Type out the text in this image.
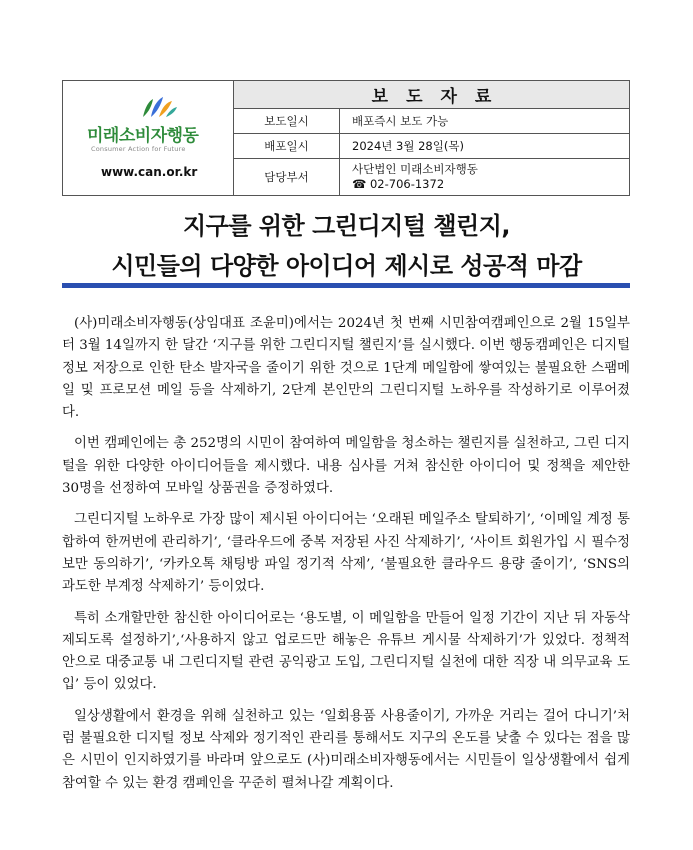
미래소비자행동
Consumer Action for Future
www.can.or.kr
보도자료
보도일시	배포즉시 보도 가능
배포일시	2024년 3월 28일(목)
담당부서
사단법인 미래소비자행동
☎ 02-706-1372
지구를 위한 그린디지털 챌린지,
시민들의 다양한 아이디어 제시로 성공적 마감

(사)미래소비자행동(상임대표 조윤미)에서는 2024년 첫 번째 시민참여캠페인으로 2월 15일부터 3월 14일까지 한 달간 ‘지구를 위한 그린디지털 챌린지’를 실시했다. 이번 행동캠페인은 디지털 정보 저장으로 인한 탄소 발자국을 줄이기 위한 것으로 1단계 메일함에 쌓여있는 불필요한 스팸메일 및 프로모션 메일 등을 삭제하기, 2단계 본인만의 그린디지털 노하우를 작성하기로 이루어졌다.

이번 캠페인에는 총 252명의 시민이 참여하여 메일함을 청소하는 챌린지를 실천하고, 그린 디지털을 위한 다양한 아이디어들을 제시했다. 내용 심사를 거쳐 참신한 아이디어 및 정책을 제안한 30명을 선정하여 모바일 상품권을 증정하였다.

그린디지털 노하우로 가장 많이 제시된 아이디어는 ‘오래된 메일주소 탈퇴하기’, ‘이메일 계정 통합하여 한꺼번에 관리하기’, ‘클라우드에 중복 저장된 사진 삭제하기’, ‘사이트 회원가입 시 필수정보만 동의하기’, ‘카카오톡 채팅방 파일 정기적 삭제’, ‘불필요한 클라우드 용량 줄이기’, ‘SNS의 과도한 부계정 삭제하기’ 등이었다.

특히 소개할만한 참신한 아이디어로는 ‘용도별, 이 메일함을 만들어 일정 기간이 지난 뒤 자동삭제되도록 설정하기’,‘사용하지 않고 업로드만 해놓은 유튜브 게시물 삭제하기’가 있었다. 정책적 안으로 대중교통 내 그린디지털 관련 공익광고 도입, 그린디지털 실천에 대한 직장 내 의무교육 도입’ 등이 있었다.

일상생활에서 환경을 위해 실천하고 있는 ‘일회용품 사용줄이기, 가까운 거리는 걸어 다니기’처럼 불필요한 디지털 정보 삭제와 정기적인 관리를 통해서도 지구의 온도를 낮출 수 있다는 점을 많은 시민이 인지하였기를 바라며 앞으로도 (사)미래소비자행동에서는 시민들이 일상생활에서 쉽게 참여할 수 있는 환경 캠페인을 꾸준히 펼쳐나갈 계획이다.
